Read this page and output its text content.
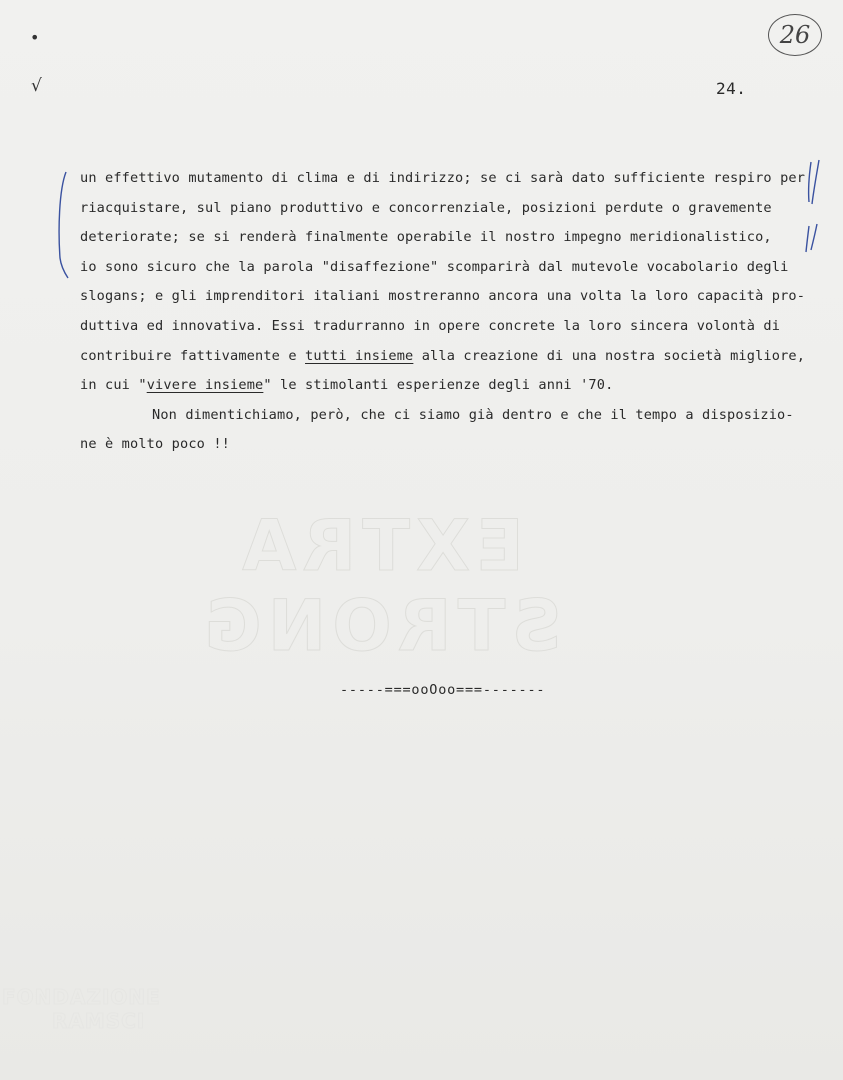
26
•
√	24.
un effettivo mutamento di clima e di indirizzo; se ci sarà dato sufficiente respiro per
riacquistare, sul piano produttivo e concorrenziale, posizioni perdute o gravemente
deteriorate; se si renderà finalmente operabile il nostro impegno meridionalistico,
io sono sicuro che la parola "disaffezione" scomparirà dal mutevole vocabolario degli
slogans; e gli imprenditori italiani mostreranno ancora una volta la loro capacità pro-
duttiva ed innovativa. Essi tradurranno in opere concrete la loro sincera volontà di
contribuire fattivamente e tutti insieme alla creazione di una nostra società migliore,
in cui "vivere insieme" le stimolanti esperienze degli anni '70.
Non dimentichiamo, però, che ci siamo già dentro e che il tempo a disposizio-
ne è molto poco !!
EXTRA STRONG
-----===ooOoo===-------
FONDAZIONE
RAMSCI
